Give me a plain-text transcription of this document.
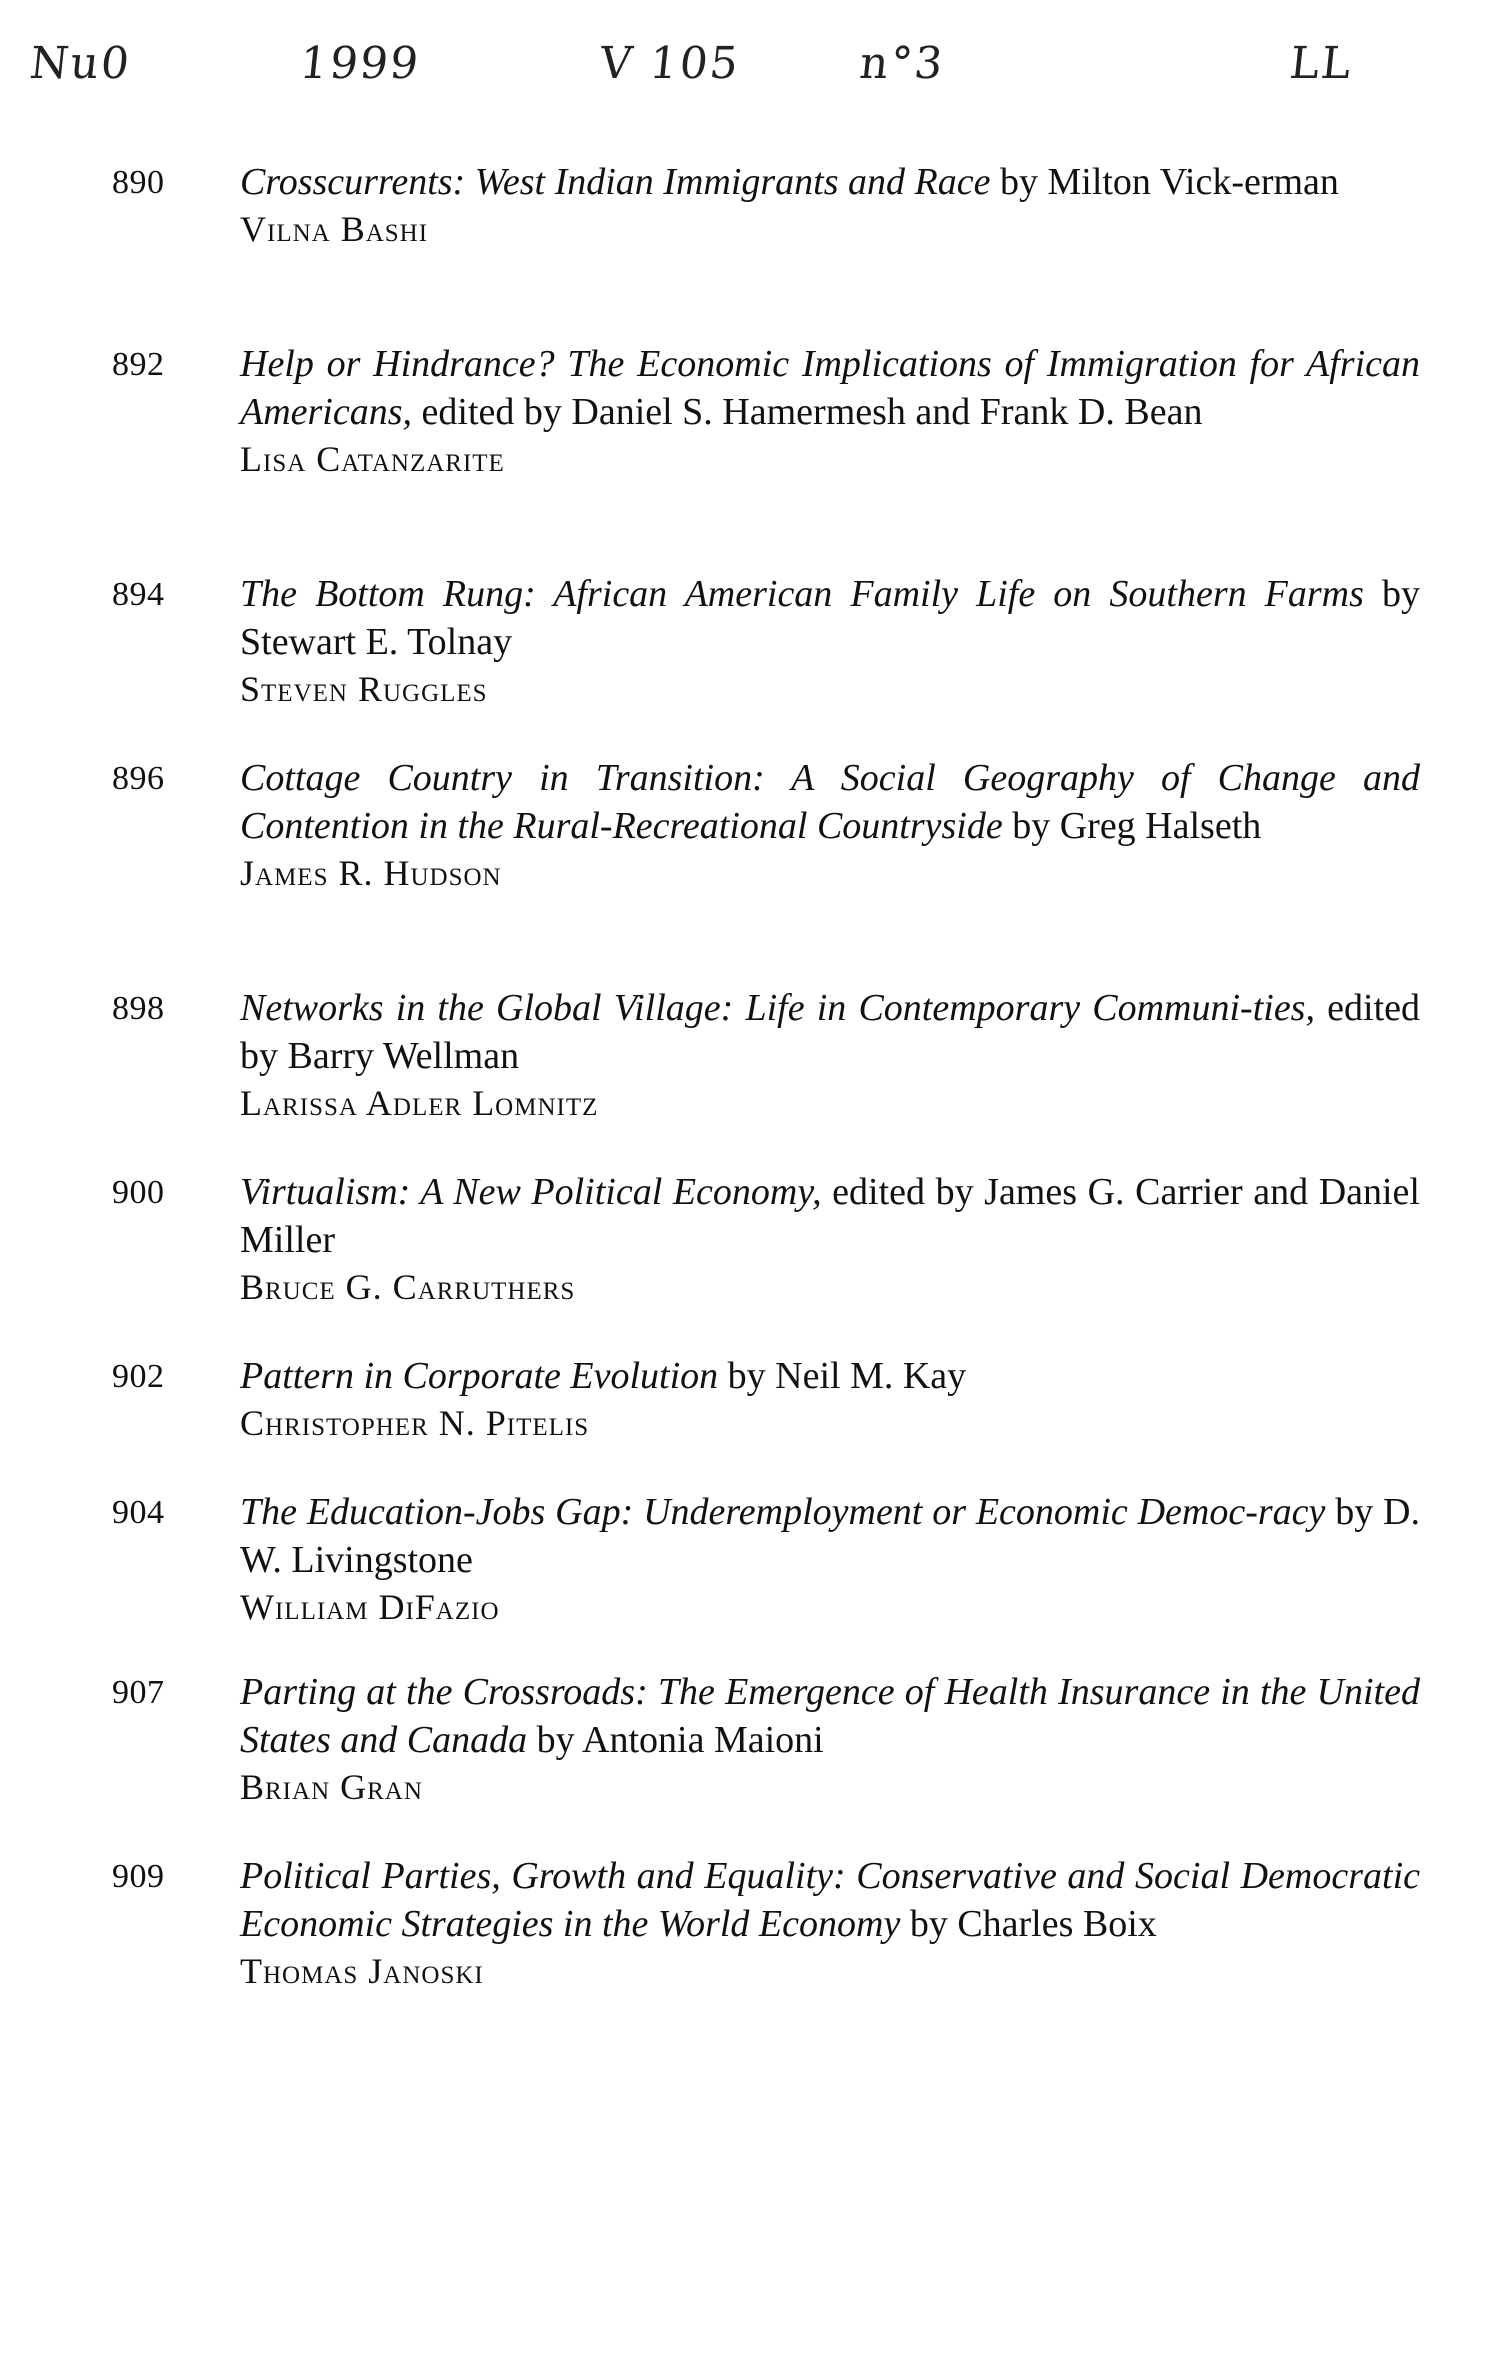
Nu0	1999	V 105	n°3	LL
890	Crosscurrents: West Indian Immigrants and Race by Milton Vick-erman
Vilna Bashi
892	Help or Hindrance? The Economic Implications of Immigration for African Americans, edited by Daniel S. Hamermesh and Frank D. Bean
Lisa Catanzarite
894	The Bottom Rung: African American Family Life on Southern Farms by Stewart E. Tolnay
Steven Ruggles
896	Cottage Country in Transition: A Social Geography of Change and Contention in the Rural-Recreational Countryside by Greg Halseth
James R. Hudson
898	Networks in the Global Village: Life in Contemporary Communi-ties, edited by Barry Wellman
Larissa Adler Lomnitz
900	Virtualism: A New Political Economy, edited by James G. Carrier and Daniel Miller
Bruce G. Carruthers
902	Pattern in Corporate Evolution by Neil M. Kay
Christopher N. Pitelis
904	The Education-Jobs Gap: Underemployment or Economic Democ-racy by D. W. Livingstone
William DiFazio
907	Parting at the Crossroads: The Emergence of Health Insurance in the United States and Canada by Antonia Maioni
Brian Gran
909	Political Parties, Growth and Equality: Conservative and Social Democratic Economic Strategies in the World Economy by Charles Boix
Thomas Janoski
